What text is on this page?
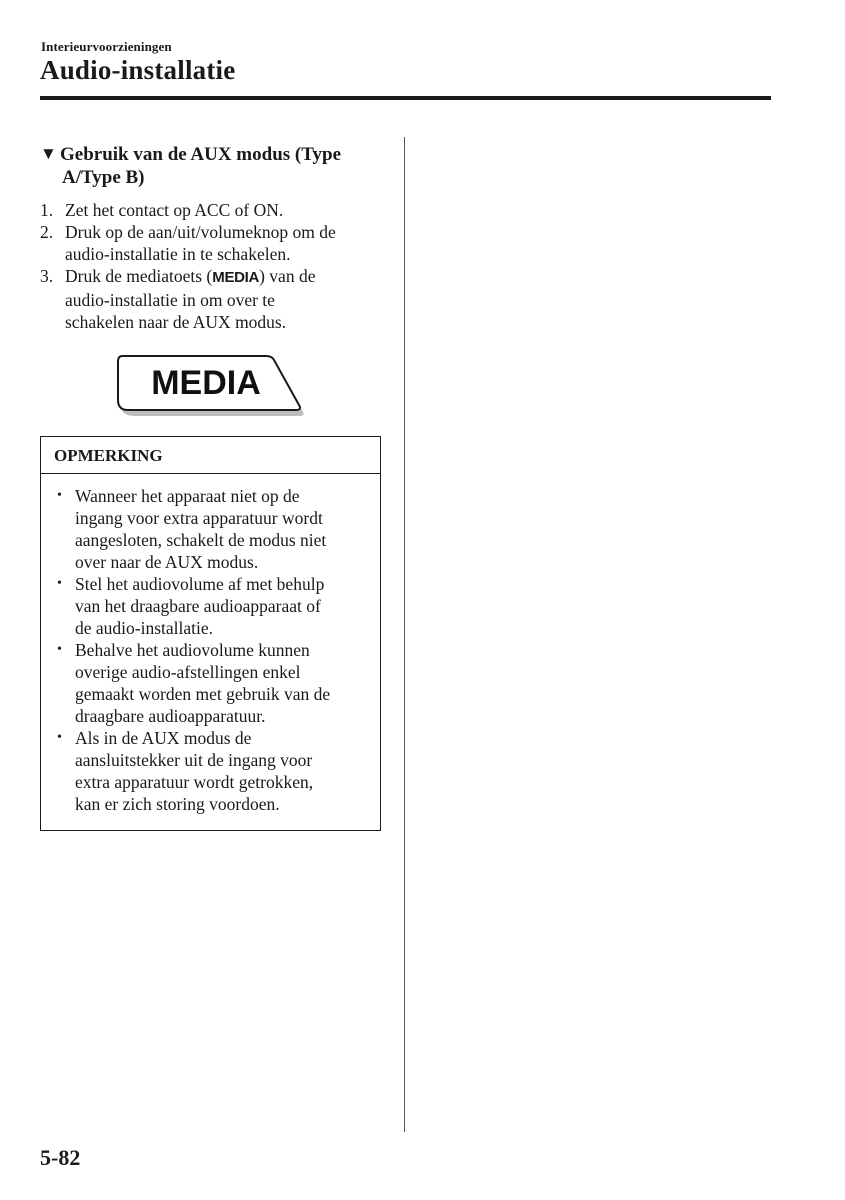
Interieurvoorzieningen
Audio-installatie
▼ Gebruik van de AUX modus (Type
A/Type B)
1. Zet het contact op ACC of ON.
2. Druk op de aan/uit/volumeknop om de
audio-installatie in te schakelen.
3. Druk de mediatoets (MEDIA) van de
audio-installatie in om over te
schakelen naar de AUX modus.
MEDIA
OPMERKING
• Wanneer het apparaat niet op de
ingang voor extra apparatuur wordt
aangesloten, schakelt de modus niet
over naar de AUX modus.
• Stel het audiovolume af met behulp
van het draagbare audioapparaat of
de audio-installatie.
• Behalve het audiovolume kunnen
overige audio-afstellingen enkel
gemaakt worden met gebruik van de
draagbare audioapparatuur.
• Als in de AUX modus de
aansluitstekker uit de ingang voor
extra apparatuur wordt getrokken,
kan er zich storing voordoen.
5-82
